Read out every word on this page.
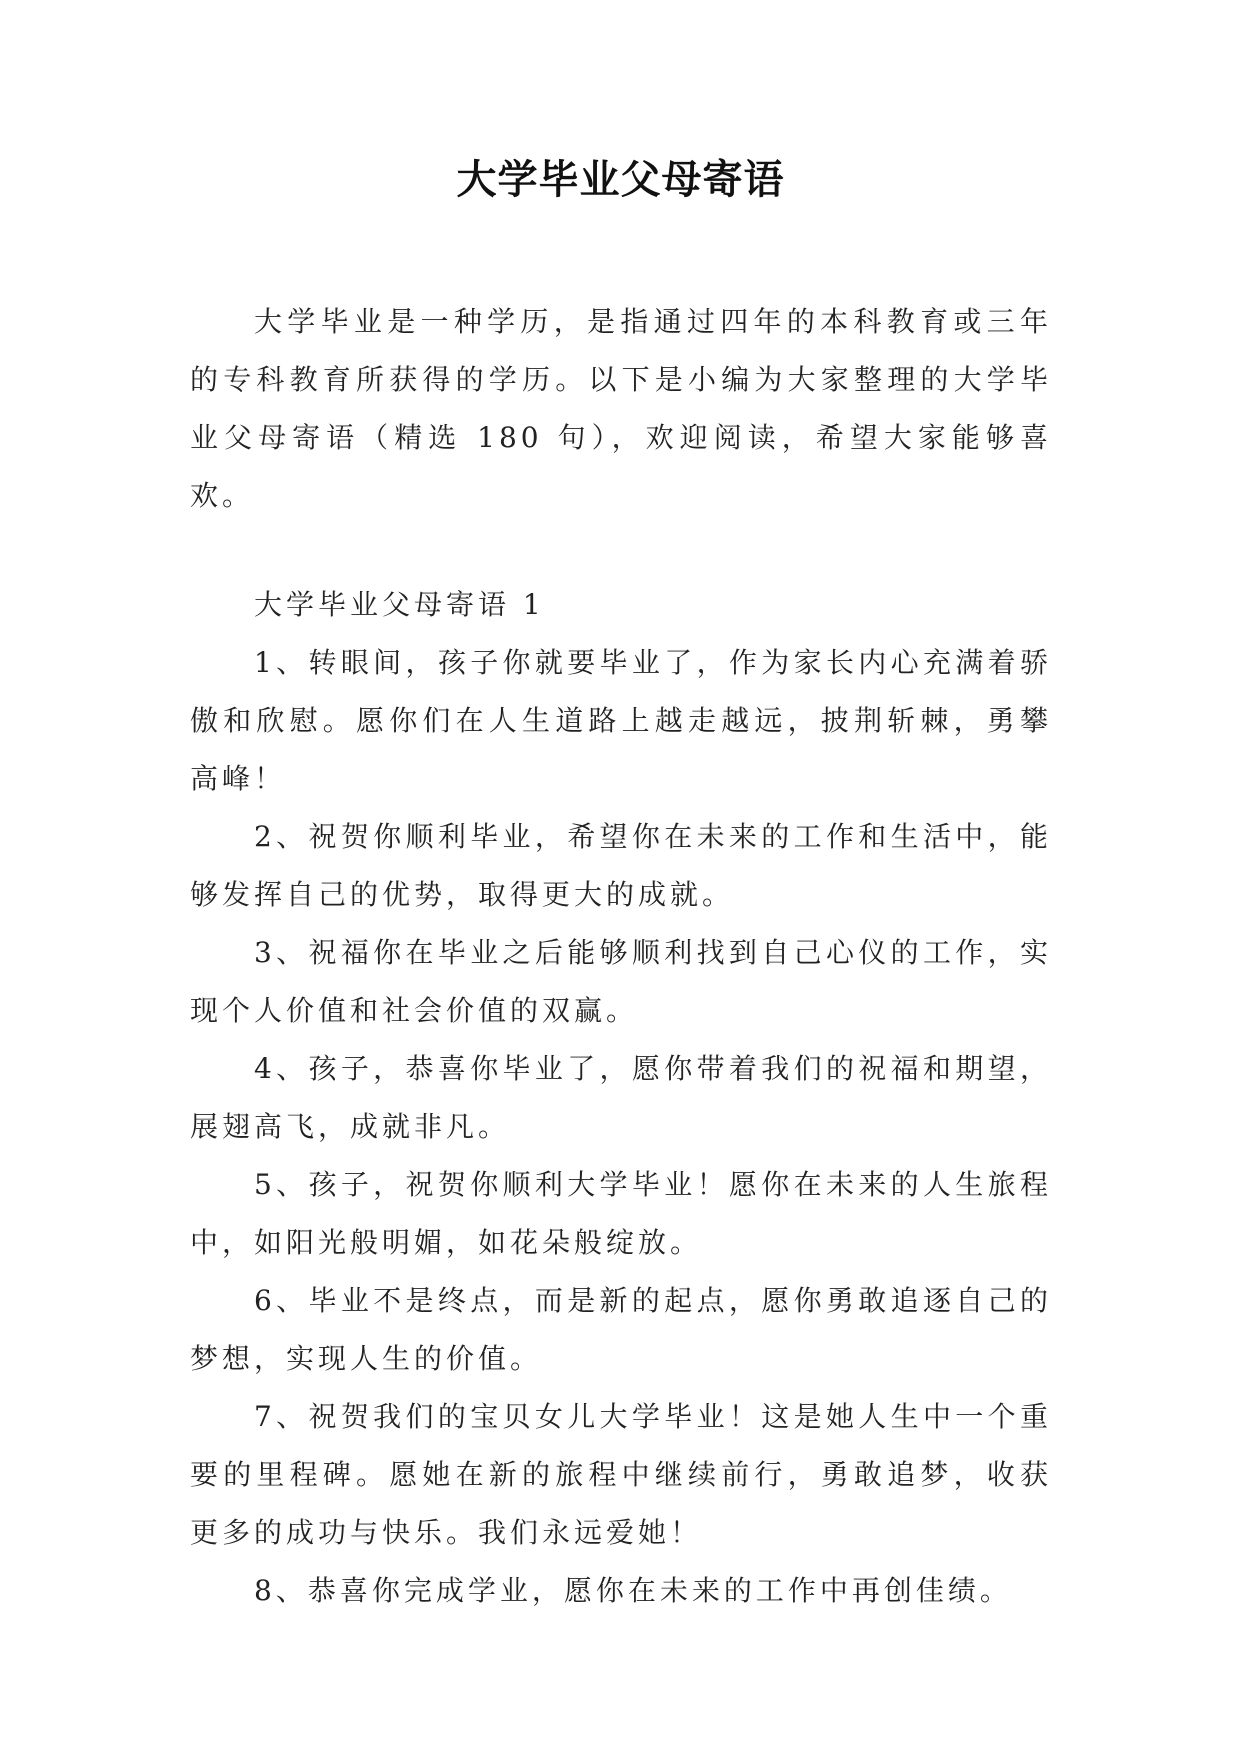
大学毕业父母寄语

大学毕业是一种学历，是指通过四年的本科教育或三年的专科教育所获得的学历。以下是小编为大家整理的大学毕业父母寄语（精选 180 句），欢迎阅读，希望大家能够喜欢。

大学毕业父母寄语 1

1、转眼间，孩子你就要毕业了，作为家长内心充满着骄傲和欣慰。愿你们在人生道路上越走越远，披荆斩棘，勇攀高峰！

2、祝贺你顺利毕业，希望你在未来的工作和生活中，能够发挥自己的优势，取得更大的成就。

3、祝福你在毕业之后能够顺利找到自己心仪的工作，实现个人价值和社会价值的双赢。

4、孩子，恭喜你毕业了，愿你带着我们的祝福和期望，展翅高飞，成就非凡。

5、孩子，祝贺你顺利大学毕业！愿你在未来的人生旅程中，如阳光般明媚，如花朵般绽放。

6、毕业不是终点，而是新的起点，愿你勇敢追逐自己的梦想，实现人生的价值。

7、祝贺我们的宝贝女儿大学毕业！这是她人生中一个重要的里程碑。愿她在新的旅程中继续前行，勇敢追梦，收获更多的成功与快乐。我们永远爱她！

8、恭喜你完成学业，愿你在未来的工作中再创佳绩。
